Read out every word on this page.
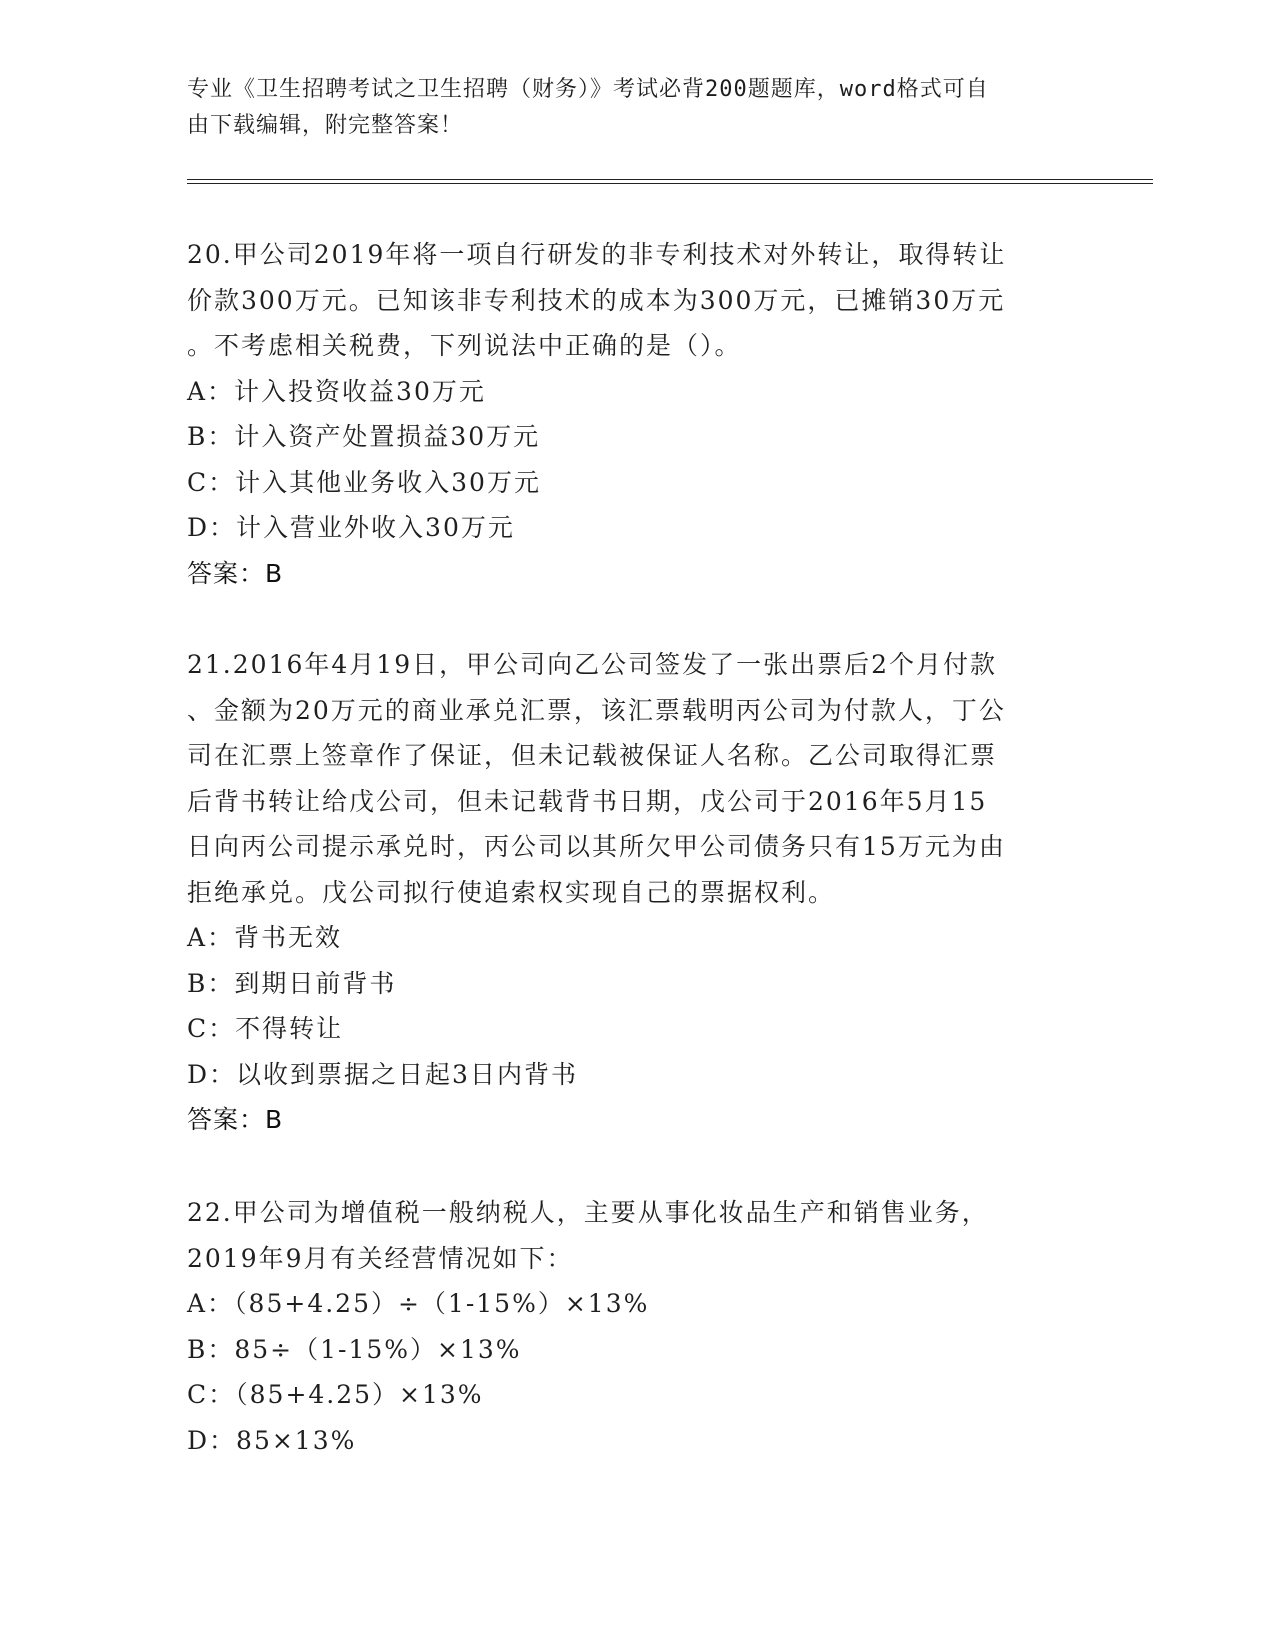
专业《卫生招聘考试之卫生招聘（财务）》考试必背200题题库，word格式可自
由下载编辑，附完整答案！
20.甲公司2019年将一项自行研发的非专利技术对外转让，取得转让
价款300万元。已知该非专利技术的成本为300万元，已摊销30万元
。不考虑相关税费，下列说法中正确的是（）。
A：计入投资收益30万元
B：计入资产处置损益30万元
C：计入其他业务收入30万元
D：计入营业外收入30万元
答案：B
21.2016年4月19日，甲公司向乙公司签发了一张出票后2个月付款
、金额为20万元的商业承兑汇票，该汇票载明丙公司为付款人，丁公
司在汇票上签章作了保证，但未记载被保证人名称。乙公司取得汇票
后背书转让给戊公司，但未记载背书日期，戊公司于2016年5月15
日向丙公司提示承兑时，丙公司以其所欠甲公司债务只有15万元为由
拒绝承兑。戊公司拟行使追索权实现自己的票据权利。
A：背书无效
B：到期日前背书
C：不得转让
D：以收到票据之日起3日内背书
答案：B
22.甲公司为增值税一般纳税人，主要从事化妆品生产和销售业务，
2019年9月有关经营情况如下：
A：（85+4.25）÷（1-15%）×13%
B：85÷（1-15%）×13%
C：（85+4.25）×13%
D：85×13%
